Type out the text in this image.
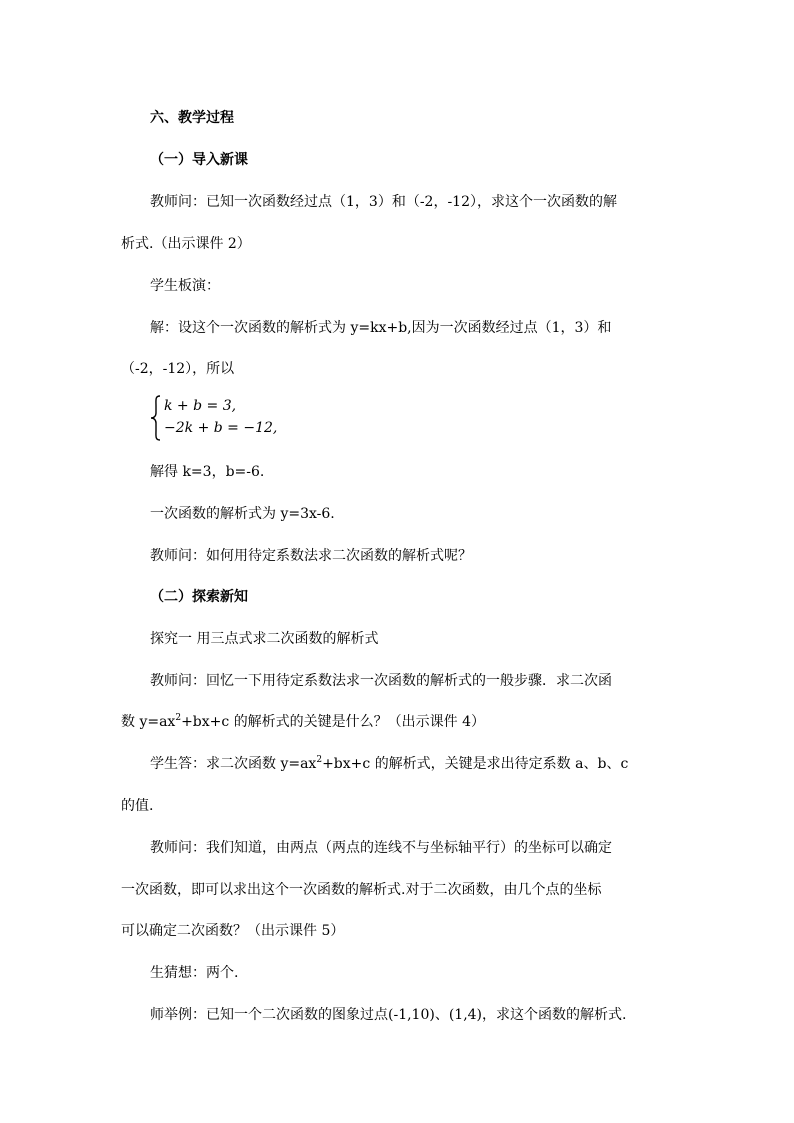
六、教学过程
（一）导入新课
教师问：已知一次函数经过点（1，3）和（-2，-12），求这个一次函数的解
析式.（出示课件 2）
学生板演：
解：设这个一次函数的解析式为 y=kx+b,因为一次函数经过点（1，3）和
（-2，-12），所以
k + b = 3,
−2k + b = −12,
解得 k=3，b=-6.
一次函数的解析式为 y=3x-6.
教师问：如何用待定系数法求二次函数的解析式呢？
（二）探索新知
探究一 用三点式求二次函数的解析式
教师问：回忆一下用待定系数法求一次函数的解析式的一般步骤．求二次函
数 $y=ax^2+bx+c$ 的解析式的关键是什么？（出示课件 4）
学生答：求二次函数 $y=ax^2+bx+c$ 的解析式，关键是求出待定系数 a、b、c
的值.
教师问：我们知道，由两点（两点的连线不与坐标轴平行）的坐标可以确定
一次函数，即可以求出这个一次函数的解析式.对于二次函数，由几个点的坐标
可以确定二次函数？（出示课件 5）
生猜想：两个.
师举例：已知一个二次函数的图象过点(-1,10)、(1,4)，求这个函数的解析式.
